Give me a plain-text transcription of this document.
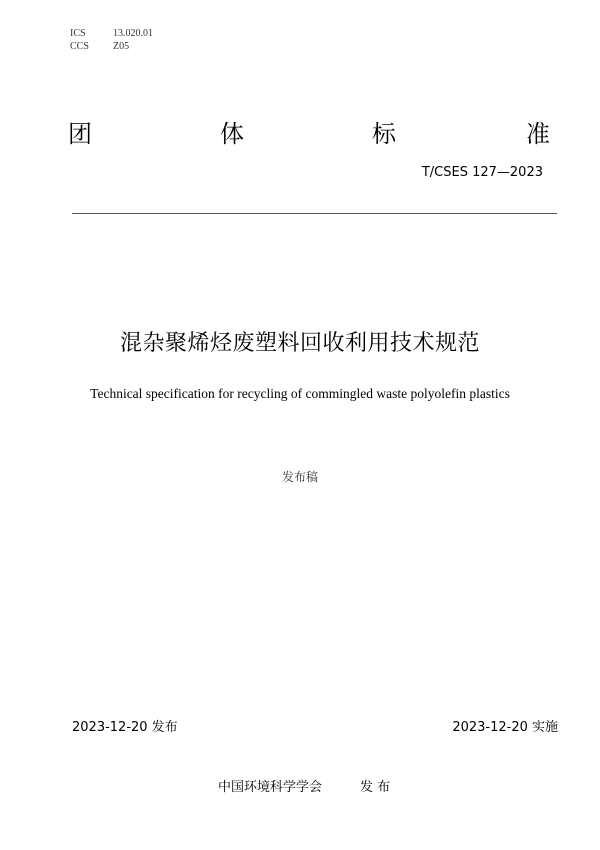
ICS	13.020.01
CCS Z05
团	体	标	准
T/CSES 127—2023
混杂聚烯烃废塑料回收利用技术规范
Technical specification for recycling of commingled waste polyolefin plastics
发布稿
2023-12-20 发布	2023-12-20 实施
中国环境科学学会	发 布
